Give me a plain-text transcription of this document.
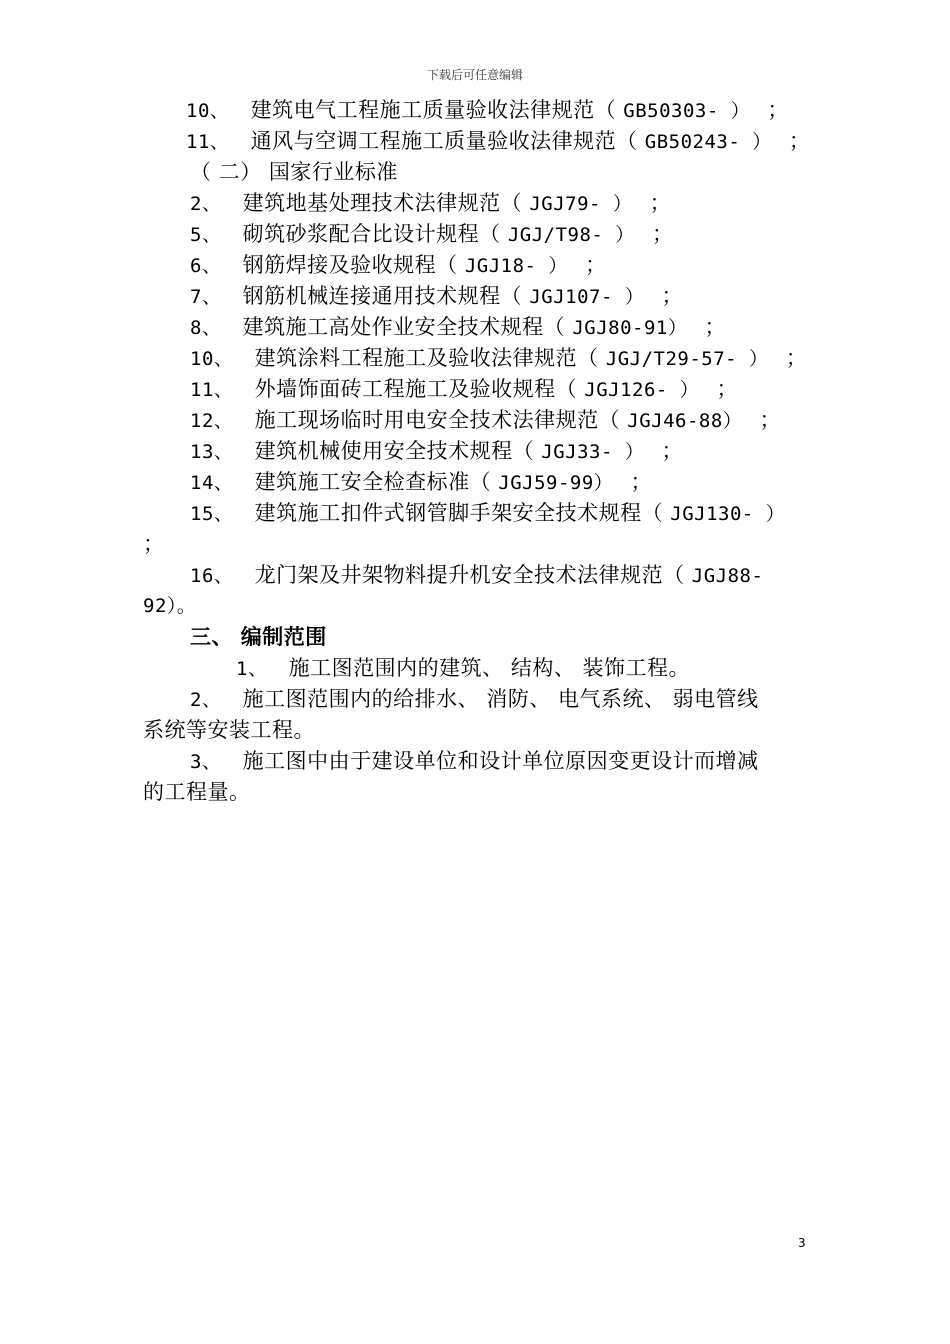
下载后可任意编辑
10、 建筑电气工程施工质量验收法律规范（ GB50303- ） ；
11、 通风与空调工程施工质量验收法律规范（ GB50243- ） ；
（ 二） 国家行业标准
2、 建筑地基处理技术法律规范（ JGJ79- ） ；
5、 砌筑砂浆配合比设计规程（ JGJ/T98- ） ；
6、 钢筋焊接及验收规程（ JGJ18- ） ；
7、 钢筋机械连接通用技术规程（ JGJ107- ） ；
8、 建筑施工高处作业安全技术规程（ JGJ80-91） ；
10、 建筑涂料工程施工及验收法律规范（ JGJ/T29-57- ） ；
11、 外墙饰面砖工程施工及验收规程（ JGJ126- ） ；
12、 施工现场临时用电安全技术法律规范（ JGJ46-88） ；
13、 建筑机械使用安全技术规程（ JGJ33- ） ；
14、 建筑施工安全检查标准（ JGJ59-99） ；
15、 建筑施工扣件式钢管脚手架安全技术规程（ JGJ130- ）
；
16、 龙门架及井架物料提升机安全技术法律规范（ JGJ88-
92）。
三、 编制范围
1、 施工图范围内的建筑、 结构、 装饰工程。
2、 施工图范围内的给排水、 消防、 电气系统、 弱电管线
系统等安装工程。
3、 施工图中由于建设单位和设计单位原因变更设计而增减
的工程量。
3
